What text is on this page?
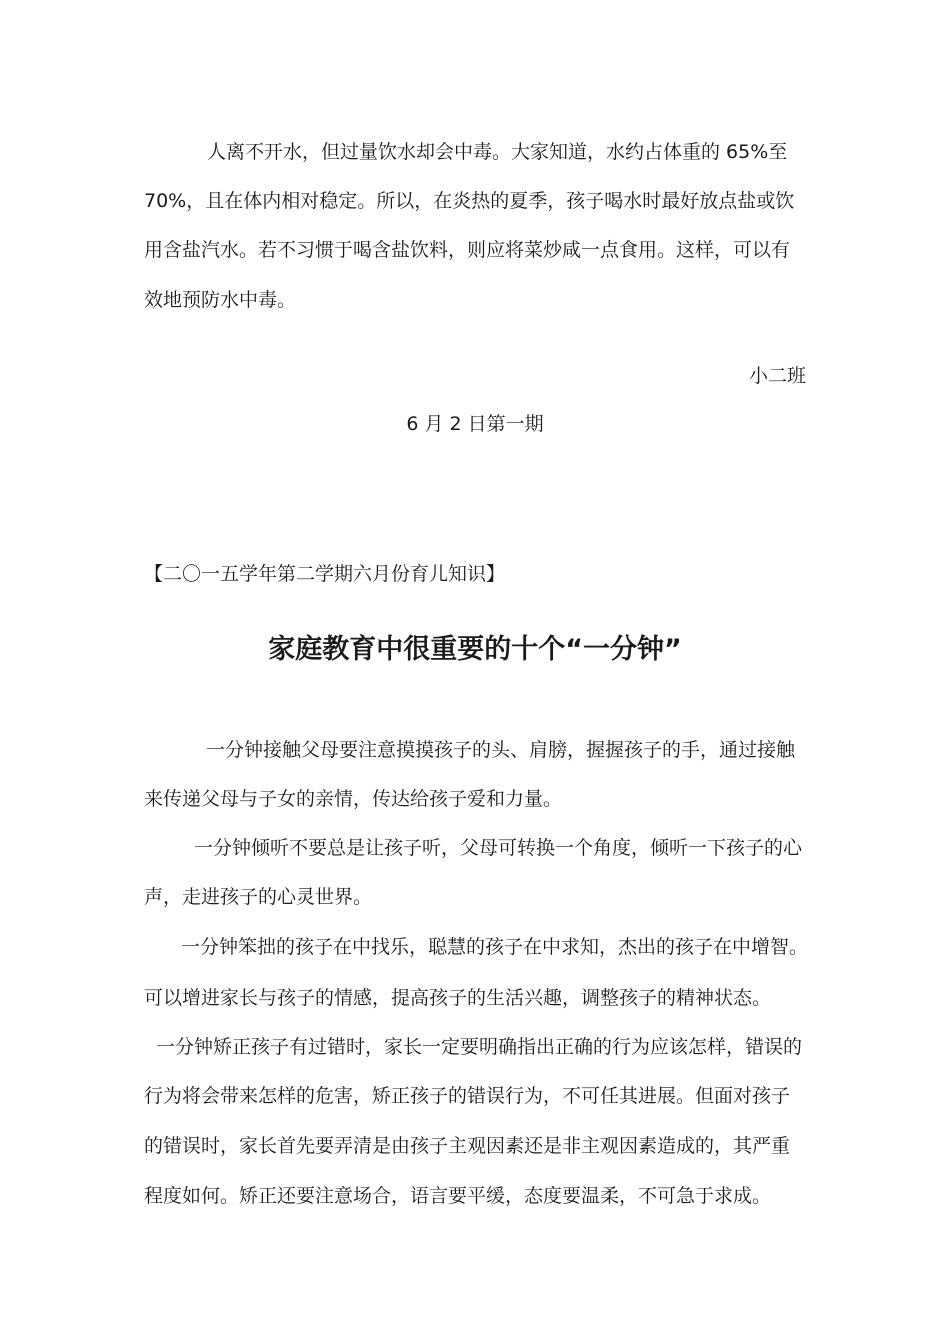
人离不开水，但过量饮水却会中毒。大家知道，水约占体重的 65%至
70%，且在体内相对稳定。所以，在炎热的夏季，孩子喝水时最好放点盐或饮
用含盐汽水。若不习惯于喝含盐饮料，则应将菜炒咸一点食用。这样，可以有
效地预防水中毒。
小二班
6 月 2 日第一期
【二〇一五学年第二学期六月份育儿知识】
家庭教育中很重要的十个“一分钟”
一分钟接触父母要注意摸摸孩子的头、肩膀，握握孩子的手，通过接触
来传递父母与子女的亲情，传达给孩子爱和力量。
一分钟倾听不要总是让孩子听，父母可转换一个角度，倾听一下孩子的心
声，走进孩子的心灵世界。
一分钟笨拙的孩子在中找乐，聪慧的孩子在中求知，杰出的孩子在中增智。
可以增进家长与孩子的情感，提高孩子的生活兴趣，调整孩子的精神状态。
一分钟矫正孩子有过错时，家长一定要明确指出正确的行为应该怎样，错误的
行为将会带来怎样的危害，矫正孩子的错误行为，不可任其进展。但面对孩子
的错误时，家长首先要弄清是由孩子主观因素还是非主观因素造成的，其严重
程度如何。矫正还要注意场合，语言要平缓，态度要温柔，不可急于求成。
